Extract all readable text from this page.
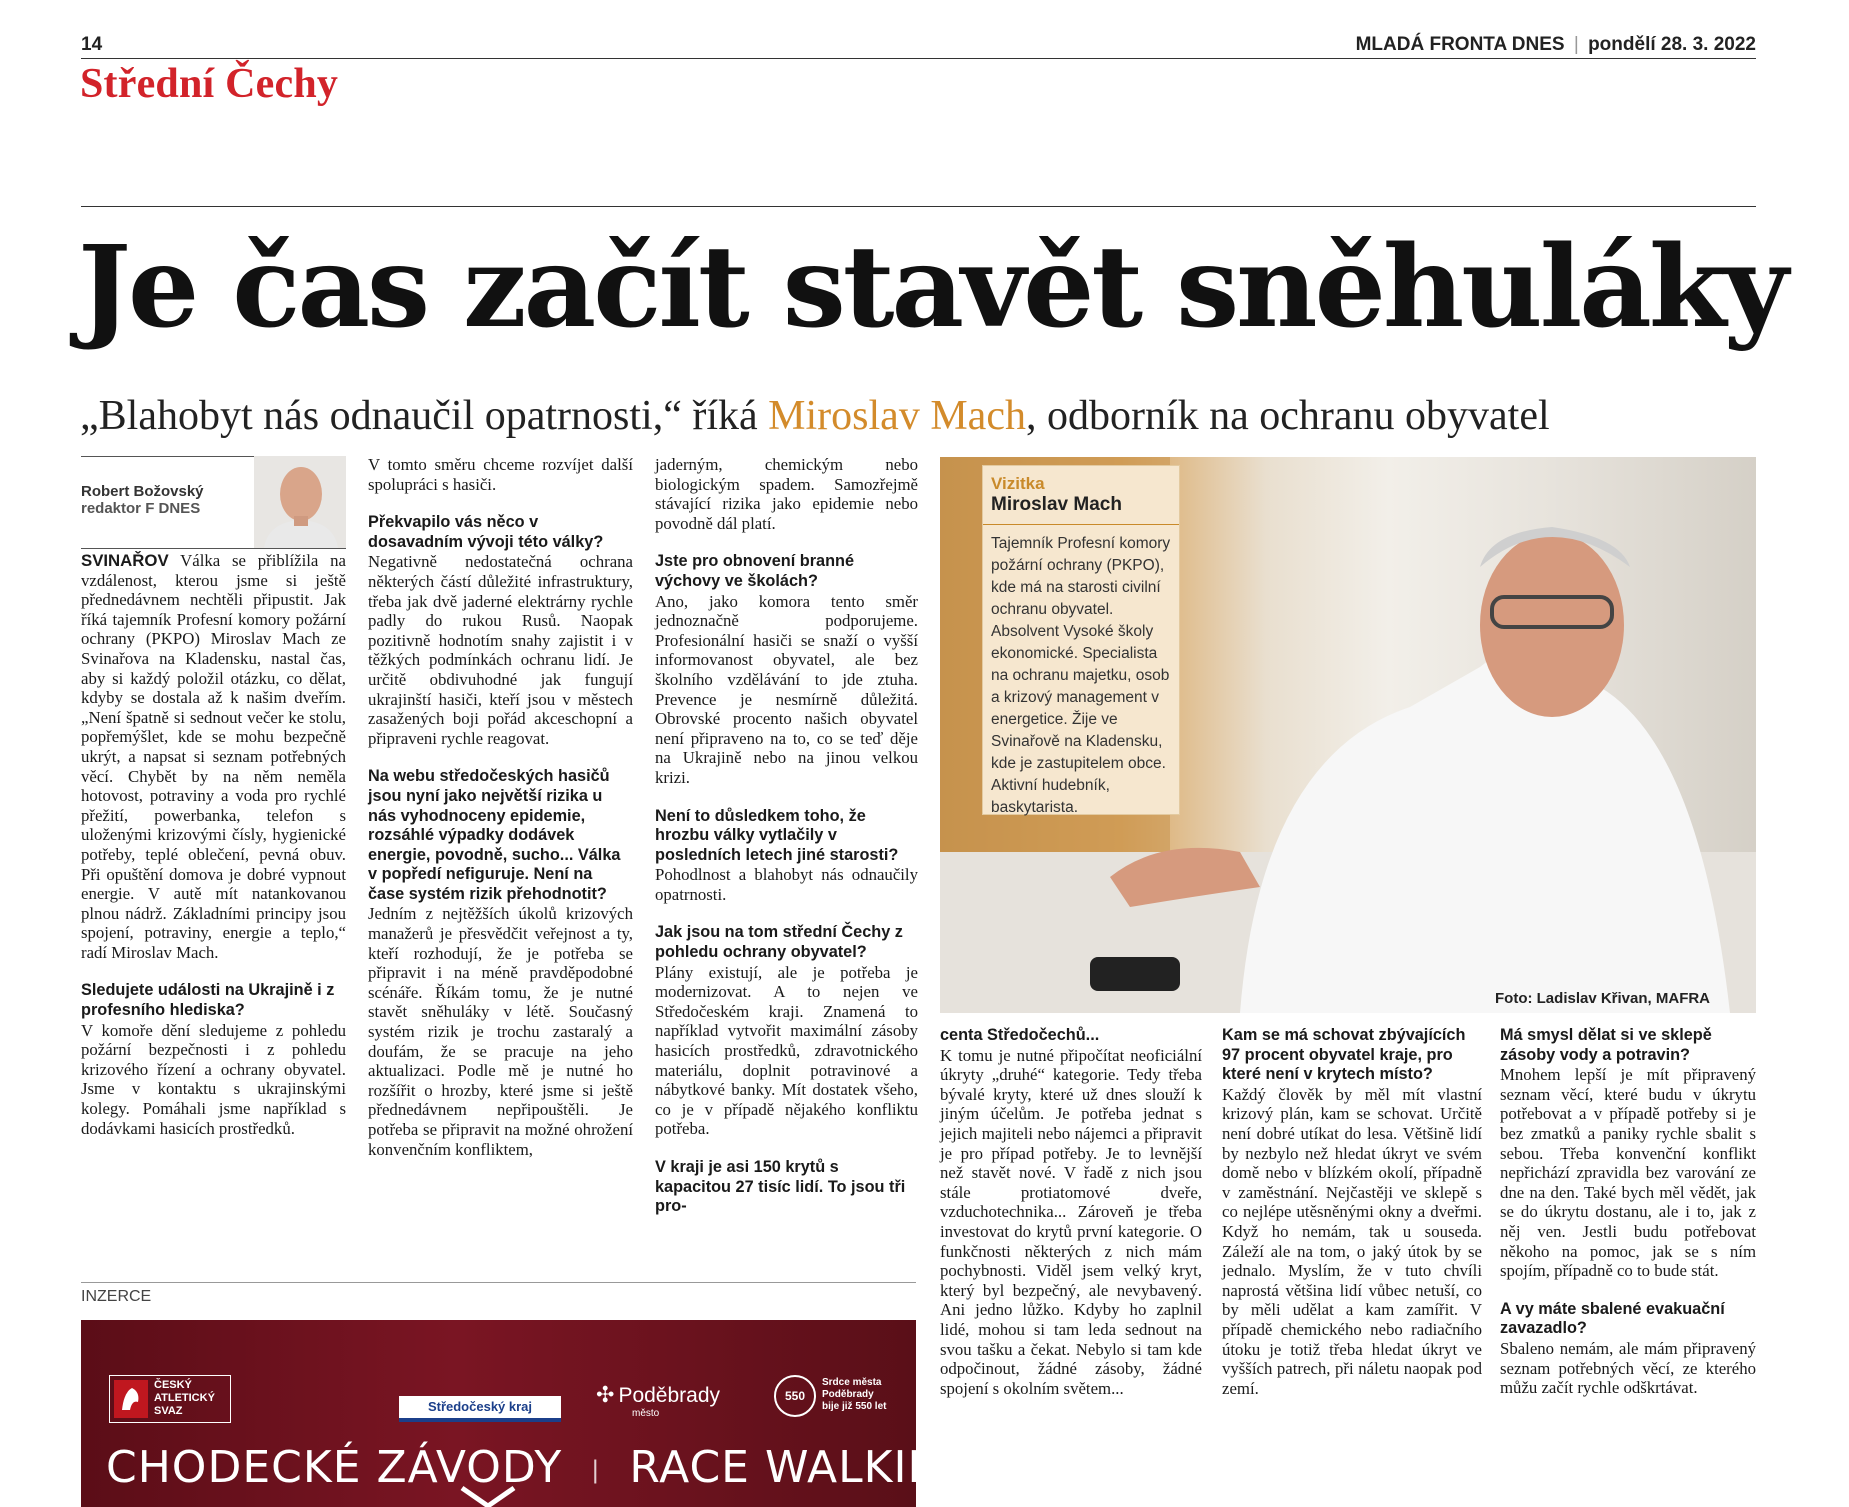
14	MLADÁ FRONTA DNES | pondělí 28. 3. 2022
Střední Čechy
Je čas začít stavět sněhuláky
„Blahobyt nás odnaučil opatrnosti,“ říká Miroslav Mach, odborník na ochranu obyvatel
Robert Božovský
redaktor F DNES

SVINAŘOV Válka se přiblížila na vzdálenost, kterou jsme si ještě přednedávnem nechtěli připustit. Jak říká tajemník Profesní komory požární ochrany (PKPO) Miroslav Mach ze Svinařova na Kladensku, nastal čas, aby si každý položil otázku, co dělat, kdyby se dostala až k našim dveřím. „Není špatně si sednout večer ke stolu, popřemýšlet, kde se mohu bezpečně ukrýt, a napsat si seznam potřebných věcí. Chybět by na něm neměla hotovost, potraviny a voda pro rychlé přežití, powerbanka, telefon s uloženými krizovými čísly, hygienické potřeby, teplé oblečení, pevná obuv. Při opuštění domova je dobré vypnout energie. V autě mít natankovanou plnou nádrž. Základními principy jsou spojení, potraviny, energie a teplo,“ radí Miroslav Mach.

Sledujete události na Ukrajině i z profesního hlediska?

V komoře dění sledujeme z pohledu požární bezpečnosti i z pohledu krizového řízení a ochrany obyvatel. Jsme v kontaktu s ukrajinskými kolegy. Pomáhali jsme například s dodávkami hasicích prostředků.

V tomto směru chceme rozvíjet další spolupráci s hasiči.

Překvapilo vás něco v dosavadním vývoji této války?

Negativně nedostatečná ochrana některých částí důležité infrastruktury, třeba jak dvě jaderné elektrárny rychle padly do rukou Rusů. Naopak pozitivně hodnotím snahy zajistit i v těžkých podmínkách ochranu lidí. Je určitě obdivuhodné jak fungují ukrajinští hasiči, kteří jsou v městech zasažených boji pořád akceschopní a připraveni rychle reagovat.

Na webu středočeských hasičů jsou nyní jako největší rizika u nás vyhodnoceny epidemie, rozsáhlé výpadky dodávek energie, povodně, sucho... Válka v popředí nefiguruje. Není na čase systém rizik přehodnotit?

Jedním z nejtěžších úkolů krizových manažerů je přesvědčit veřejnost a ty, kteří rozhodují, že je potřeba se připravit i na méně pravděpodobné scénáře. Říkám tomu, že je nutné stavět sněhuláky v létě. Současný systém rizik je trochu zastaralý a doufám, že se pracuje na jeho aktualizaci. Podle mě je nutné ho rozšířit o hrozby, které jsme si ještě přednedávnem nepřipouštěli. Je potřeba se připravit na možné ohrožení konvenčním konfliktem,

jaderným, chemickým nebo biologickým spadem. Samozřejmě stávající rizika jako epidemie nebo povodně dál platí.

Jste pro obnovení branné výchovy ve školách?

Ano, jako komora tento směr jednoznačně podporujeme. Profesionální hasiči se snaží o vyšší informovanost obyvatel, ale bez školního vzdělávání to jde ztuha. Prevence je nesmírně důležitá. Obrovské procento našich obyvatel není připraveno na to, co se teď děje na Ukrajině nebo na jinou velkou krizi.

Není to důsledkem toho, že hrozbu války vytlačily v posledních letech jiné starosti?

Pohodlnost a blahobyt nás odnaučily opatrnosti.

Jak jsou na tom střední Čechy z pohledu ochrany obyvatel?

Plány existují, ale je potřeba je modernizovat. A to nejen ve Středočeském kraji. Znamená to například vytvořit maximální zásoby hasicích prostředků, zdravotnického materiálu, doplnit potravinové a nábytkové banky. Mít dostatek všeho, co je v případě nějakého konfliktu potřeba.

V kraji je asi 150 krytů s kapacitou 27 tisíc lidí. To jsou tři pro-

Vizitka
Miroslav Mach
Tajemník Profesní komory požární ochrany (PKPO), kde má na starosti civilní ochranu obyvatel. Absolvent Vysoké školy ekonomické. Specialista na ochranu majetku, osob a krizový management v energetice. Žije ve Svinařově na Kladensku, kde je zastupitelem obce. Aktivní hudebník, baskytarista.
Foto: Ladislav Křivan, MAFRA

centa Středočechů...

K tomu je nutné připočítat neoficiální úkryty „druhé“ kategorie. Tedy třeba bývalé kryty, které už dnes slouží k jiným účelům. Je potřeba jednat s jejich majiteli nebo nájemci a připravit je pro případ potřeby. Je to levnější než stavět nové. V řadě z nich jsou stále protiatomové dveře, vzduchotechnika... Zároveň je třeba investovat do krytů první kategorie. O funkčnosti některých z nich mám pochybnosti. Viděl jsem velký kryt, který byl bezpečný, ale nevybavený. Ani jedno lůžko. Kdyby ho zaplnil lidé, mohou si tam leda sednout na svou tašku a čekat. Nebylo si tam kde odpočinout, žádné zásoby, žádné spojení s okolním světem...

Kam se má schovat zbývajících 97 procent obyvatel kraje, pro které není v krytech místo?

Každý člověk by měl mít vlastní krizový plán, kam se schovat. Určitě není dobré utíkat do lesa. Většině lidí by nezbylo než hledat úkryt ve svém domě nebo v blízkém okolí, případně v zaměstnání. Nejčastěji ve sklepě s co nejlépe utěsněnými okny a dveřmi. Když ho nemám, tak u souseda. Záleží ale na tom, o jaký útok by se jednalo. Myslím, že v tuto chvíli naprostá většina lidí vůbec netuší, co by měli udělat a kam zamířit. V případě chemického nebo radiačního útoku je totiž třeba hledat úkryt ve vyšších patrech, při náletu naopak pod zemí.

Má smysl dělat si ve sklepě zásoby vody a potravin?

Mnohem lepší je mít připravený seznam věcí, které budu v úkrytu potřebovat a v případě potřeby si je bez zmatků a paniky rychle sbalit s sebou. Třeba konvenční konflikt nepřichází zpravidla bez varování ze dne na den. Také bych měl vědět, jak se do úkrytu dostanu, ale i to, jak z něj ven. Jestli budu potřebovat někoho na pomoc, jak se s ním spojím, případně co to bude stát.

A vy máte sbalené evakuační zavazadlo?

Sbaleno nemám, ale mám připravený seznam potřebných věcí, ze kterého můžu začít rychle odškrtávat.

INZERCE
ČESKÝ
ATLETICKÝ
SVAZ	Středočeský kraj	✣ Poděbrady
město
550
Srdce města
Poděbrady
bije již 550 let
CHODECKÉ ZÁVODY | RACE WALKING
